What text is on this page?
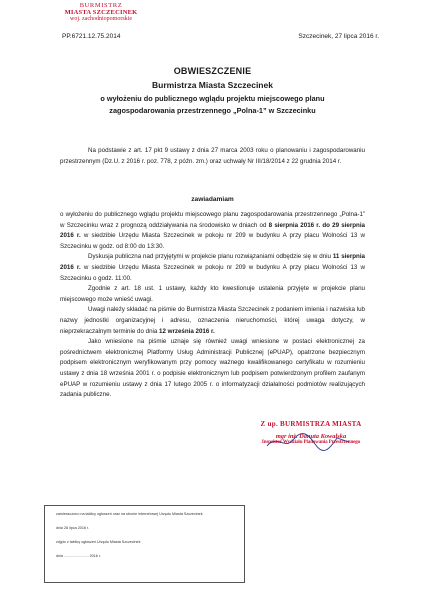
BURMISTRZ
MIASTA SZCZECINEK
woj. zachodniopomorskie
PP.6721.12.75.2014	Szczecinek, 27 lipca 2016 r.
OBWIESZCZENIE
Burmistrza Miasta Szczecinek
o wyłożeniu do publicznego wglądu projektu miejscowego planu
zagospodarowania przestrzennego „Polna-1” w Szczecinku

Na podstawie z art. 17 pkt 9 ustawy z dnia 27 marca 2003 roku o planowaniu i zagospodarowaniu przestrzennym (Dz.U. z 2016 r. poz. 778, z późn. zm.) oraz uchwały Nr III/18/2014 z 22 grudnia 2014 r.

zawiadamiam

o wyłożeniu do publicznego wglądu projektu miejscowego planu zagospodarowania przestrzennego „Polna-1” w Szczecinku wraz z prognozą oddziaływania na środowisko w dniach od 8 sierpnia 2016 r. do 29 sierpnia 2016 r. w siedzibie Urzędu Miasta Szczecinek w pokoju nr 209 w budynku A przy placu Wolności 13 w Szczecinku w godz. od 8:00 do 13:30.

Dyskusja publiczna nad przyjętymi w projekcie planu rozwiązaniami odbędzie się w dniu 11 sierpnia 2016 r. w siedzibie Urzędu Miasta Szczecinek w pokoju nr 209 w budynku A przy placu Wolności 13 w Szczecinku o godz. 11:00.

Zgodnie z art. 18 ust. 1 ustawy, każdy kto kwestionuje ustalenia przyjęte w projekcie planu miejscowego może wnieść uwagi.

Uwagi należy składać na piśmie do Burmistrza Miasta Szczecinek z podaniem imienia i nazwiska lub nazwy jednostki organizacyjnej i adresu, oznaczenia nieruchomości, której uwaga dotyczy, w nieprzekraczalnym terminie do dnia 12 września 2016 r.

Jako wniesione na piśmie uznaje się również uwagi wniesione w postaci elektronicznej za pośrednictwem elektronicznej Platformy Usług Administracji Publicznej (ePUAP), opatrzone bezpiecznym podpisem elektronicznym weryfikowanym przy pomocy ważnego kwalifikowanego certyfikatu w rozumieniu ustawy z dnia 18 września 2001 r. o podpisie elektronicznym lub podpisem potwierdzonym profilem zaufanym ePUAP w rozumieniu ustawy z dnia 17 lutego 2005 r. o informatyzacji działalności podmiotów realizujących zadania publiczne.

Z up. BURMISTRZA MIASTA
mgr inż. Danuta Kowalska
Inspektor Wydziału Planowania Przestrzennego
zamieszczono na tablicy ogłoszeń oraz na stronie internetowej Urzędu Miasta Szczecinek
dnia 28 lipca 2016 r.
zdjęto z tablicy ogłoszeń Urzędu Miasta Szczecinek
dnia ........................ 2016 r.
